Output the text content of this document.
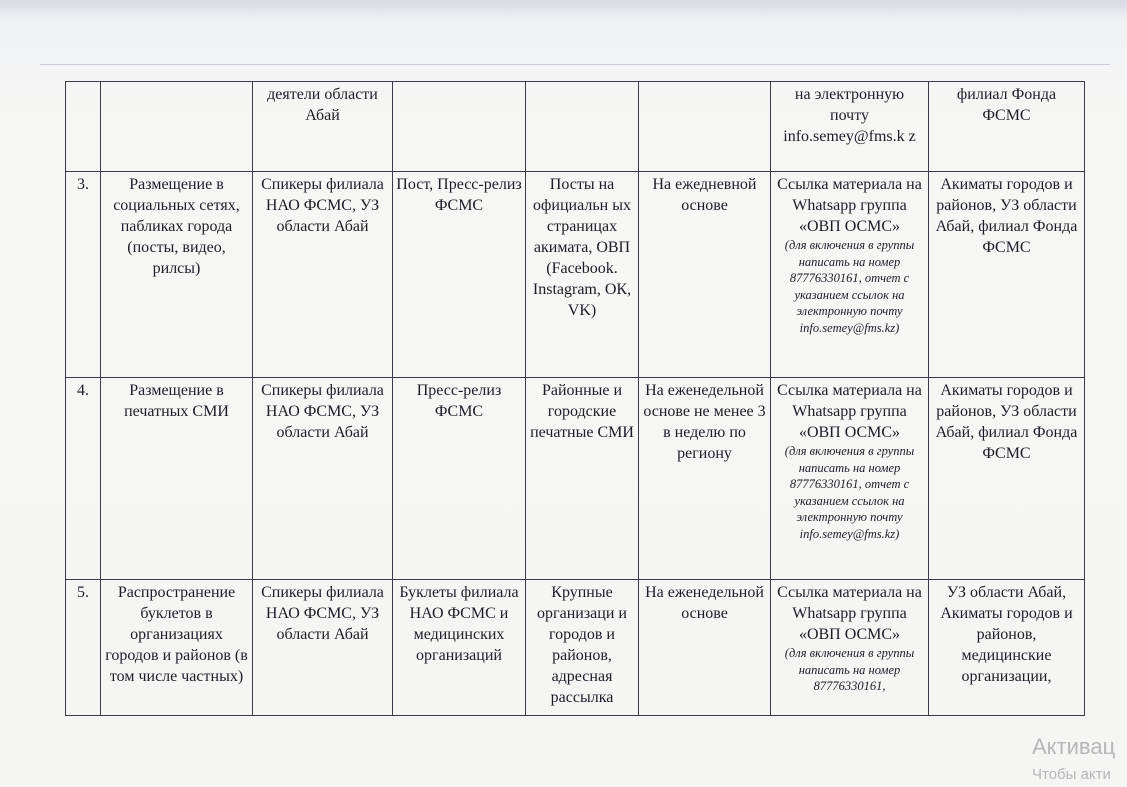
		деятели области Абай				на электронную почту info.semey@fms.k z	филиал Фонда ФСМС
3.	Размещение в социальных сетях, пабликах города (посты, видео, рилсы)	Спикеры филиала НАО ФСМС, УЗ области Абай	Пост, Пресс-релиз ФСМС	Посты на официальн ых страницах акимата, ОВП (Facebook. Instagram, ОК, VK)	На ежедневной основе	Ссылка материала на Whatsapp группа «ОВП ОСМС»
(для включения в группы написать на номер 87776330161, отчет с указанием ссылок на электронную почту info.semey@fms.kz)	Акиматы городов и районов, УЗ области Абай, филиал Фонда ФСМС
4.	Размещение в печатных СМИ	Спикеры филиала НАО ФСМС, УЗ области Абай	Пресс-релиз ФСМС	Районные и городские печатные СМИ	На еженедельной основе не менее 3 в неделю по региону	Ссылка материала на Whatsapp группа «ОВП ОСМС»
(для включения в группы написать на номер 87776330161, отчет с указанием ссылок на электронную почту info.semey@fms.kz)	Акиматы городов и районов, УЗ области Абай, филиал Фонда ФСМС
5.	Распространение буклетов в организациях городов и районов (в том числе частных)	Спикеры филиала НАО ФСМС, УЗ области Абай	Буклеты филиала НАО ФСМС и медицинских организаций	Крупные организаци и городов и районов, адресная рассылка	На еженедельной основе	Ссылка материала на Whatsapp группа «ОВП ОСМС»
(для включения в группы написать на номер 87776330161,	УЗ области Абай, Акиматы городов и районов, медицинские организации,
Активац
Чтобы акти
